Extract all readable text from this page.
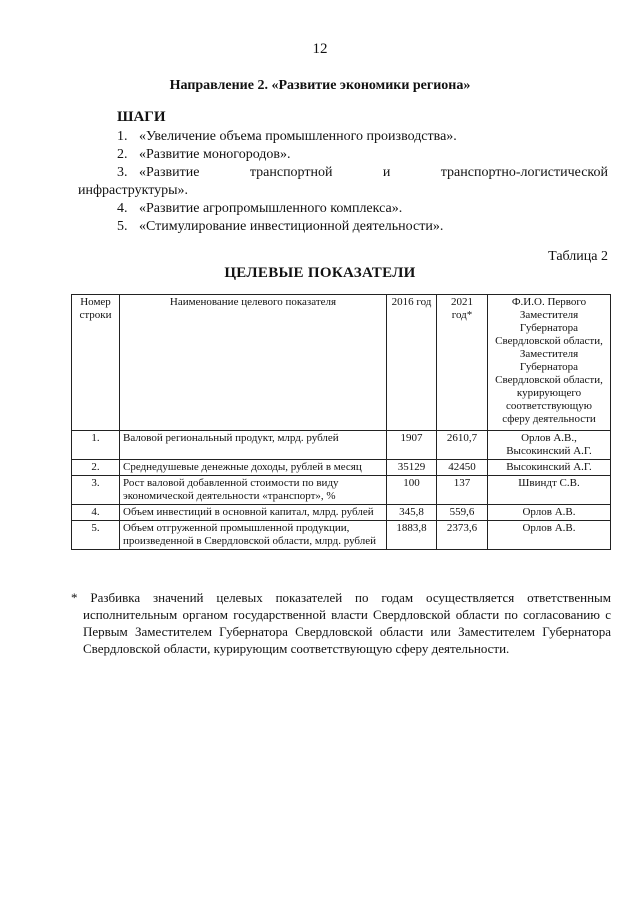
12
Направление 2. «Развитие экономики региона»
ШАГИ
1. «Увеличение объема промышленного производства».
2. «Развитие моногородов».
3. «Развитие	транспортной	и	транспортно-логистической
инфраструктуры».
4. «Развитие агропромышленного комплекса».
5. «Стимулирование инвестиционной деятельности».
Таблица 2
ЦЕЛЕВЫЕ ПОКАЗАТЕЛИ
Номер строки	Наименование целевого показателя	2016 год	2021 год*	Ф.И.О. Первого Заместителя Губернатора Свердловской области, Заместителя Губернатора Свердловской области, курирующего соответствующую сферу деятельности
1.	Валовой региональный продукт, млрд. рублей	1907	2610,7	Орлов А.В., Высокинский А.Г.
2.	Среднедушевые денежные доходы, рублей в месяц	35129	42450	Высокинский А.Г.
3.	Рост валовой добавленной стоимости по виду экономической деятельности «транспорт», %	100	137	Швиндт С.В.
4.	Объем инвестиций в основной капитал, млрд. рублей	345,8	559,6	Орлов А.В.
5.	Объем отгруженной промышленной продукции, произведенной в Свердловской области, млрд. рублей	1883,8	2373,6	Орлов А.В.
* Разбивка значений целевых показателей по годам осуществляется ответственным
исполнительным органом государственной власти Свердловской области по согласованию с Первым Заместителем Губернатора Свердловской области или Заместителем Губернатора Свердловской области, курирующим соответствующую сферу деятельности.
